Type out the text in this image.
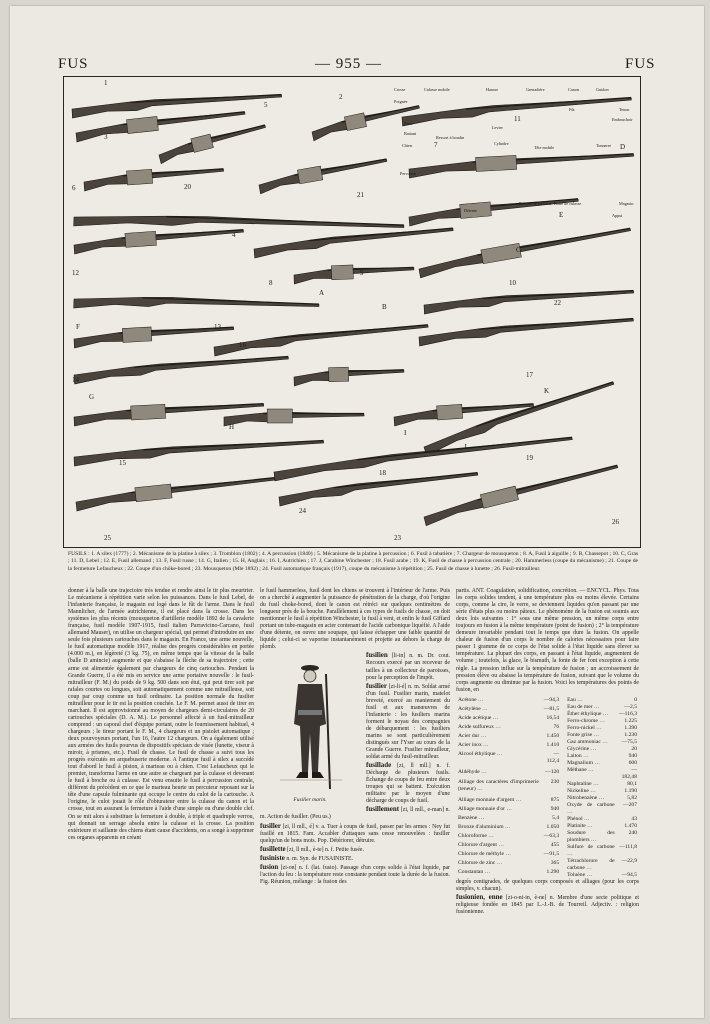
FUS	— 955 —	FUS
1
2
3
4
5
6
7
8
9
10
11
12
13
14
15
16
17
18
19
20
21
22
23
24
25
26
A
B
C
D
E
F
G
H
I
J
K
Crosse	Culasse mobile	Hausse	Grenadière	Canon	Guidon
Poignée
Fût	Tenon
Busc
Embouchoir
Battant
Ressort à boudin
Levier
Cylindre
Chien	Tête mobile	Tonnerre
Percuteur
Détente
Ressort de gâchette Boîte de culasse	Magasin
Appui
FUSILS : 1. A silex (1777) ; 2. Mécanisme de la platine à silex ; 3. Tromblon (1802) ; 4. A percussion (1840) ; 5. Mécanisme de la platine à percussion ; 6. Fusil à tabatière ; 7. Chargeur de mousqueton ; 8. A, Fusil à aiguille ; 9. B, Chassepot ; 10. C, Gras ; 11. D, Lebel ; 12. E, Fusil allemand ; 13. F, Fusil russe ; 14. G, Italien ; 15. H, Anglais ; 16. I, Autrichien ; 17. J, Carabine Winchester ; 18. Fusil arabe ; 19. K, Fusil de chasse à percussion centrale ; 20. Hammerless (coupe du mécanisme) ; 21. Coupe de la fermeture Lefaucheux ; 22. Coupe d'un chôke-bored ; 23. Mousqueton (Mle 1892) ; 24. Fusil automatique français (1917), coupe du mécanisme à répétition ; 25. Fusil de chasse à lunette ; 26. Fusil-mitrailleur.

donner à la balle une trajectoire très tendue et rendre ainsi le tir plus meurtrier. Le mécanisme à répétition varie selon les puissances. Dans le fusil Lebel, de l'infanterie française, le magasin est logé dans le fût de l'arme. Dans le fusil Mannlicher, de l'armée autrichienne, il est placé dans la crosse. Dans les systèmes les plus récents (mousqueton d'artillerie modèle 1892 de la cavalerie française, fusil modèle 1907-1915, fusil italien Parravicino-Carcano, fusil allemand Mauser), on utilise un chargeur spécial, qui permet d'introduire en une seule fois plusieurs cartouches dans le magasin. En France, une arme nouvelle, le fusil automatique modèle 1917, réalise des progrès considérables en portée (4.000 m.), en légèreté (3 kg. 75), en même temps que la vitesse de la balle (balle D amincie) augmente et que s'abaisse la flèche de sa trajectoire ; cette arme est alimentée également par chargeurs de cinq cartouches. Pendant la Grande Guerre, il a été mis en service une arme portative nouvelle : le fusil-mitrailleur (F. M.) du poids de 9 kg. 500 dans son étui, qui peut tirer soit par rafales courtes ou longues, soit automatiquement comme une mitrailleuse, soit coup par coup comme un fusil ordinaire. La position normale du fusilier mitrailleur pour le tir est la position couchée. Le F. M. permet aussi de tirer en marchant. Il est approvisionné au moyen de chargeurs demi-circulaires de 20 cartouches spéciales (D. A. M.). Le personnel affecté à un fusil-mitrailleur comprend : un caporal chef d'équipe portant, outre le fournissement habituel, 4 chargeurs ; le tireur portant le F. M., 4 chargeurs et un pistolet automatique ; deux pourvoyeurs portant, l'un 16, l'autre 12 chargeurs. On a également utilisé aux armées des fusils pourvus de dispositifs spéciaux de visée (lunette, viseur à miroir, à prismes, etc.). Fusil de chasse. Le fusil de chasse a suivi tous les progrès exécutés en arquebuserie moderne. A l'antique fusil à silex a succédé tout d'abord le fusil à piston, à marteau ou à chien. C'est Lefaucheux qui le premier, transforma l'arme en une autre se chargeant par la culasse et devenant le fusil à broche ou à culasse. Est venu ensuite le fusil à percussion centrale, différent du précédent en ce que le marteau heurte un percuteur reposant sur la tête d'une capsule fulminante qui occupe le centre du culot de la cartouche. A l'origine, le culot jouait le rôle d'obturateur entre la culasse du canon et la crosse, tout en assurant la fermeture à l'aide d'une simple ou d'une double clef. On se mit alors à substituer la fermeture à double, à triple et quadruple verrou, qui donnait un serrage absolu entre la culasse et la crosse. La position extérieure et saillante des chiens étant cause d'accidents, on a songé à supprimer ces organes apparents en créant

le fusil hammerless, fusil dont les chiens se trouvent à l'intérieur de l'arme. Puis on a cherché à augmenter la puissance de pénétration de la charge, d'où l'origine du fusil choke-bored, dont le canon est rétréci sur quelques centimètres de longueur près de la bouche. Parallèlement à ces types de fusils de chasse, on doit mentionner le fusil à répétition Winchester, le fusil à vent, et enfin le fusil Giffard portant un tube-magasin en acier contenant de l'acide carbonique liquéfié. A l'aide d'une détente, on ouvre une soupape, qui laisse échapper une faible quantité de liquide ; celui-ci se vaporise instantanément et projette au dehors la charge de plomb.

Fusilier marin.

fusilien [li-in] n. m. Dr. cout. Recours exercé par un receveur de tailles à un collecteur de paroisses, pour la perception de l'impôt.

fusilier [zi-li-é] n. m. Soldat armé d'un fusil. Fusilier marin, matelot breveté, exercé au maniement du fusil et aux manœuvres de l'infanterie : les fusiliers marins forment le noyau des compagnies de débarquement : les fusiliers marins se sont particulièrement distingués sur l'Yser au cours de la Grande Guerre. Fusilier mitrailleur, soldat armé du fusil-mitrailleur.

fusillade [zi, ll mll.] n. f. Décharge de plusieurs fusils. Échange de coups de feu entre deux troupes qui se battent. Exécution militaire par le moyen d'une décharge de coups de fusil.

fusillement [zi, ll mll., e-man] n. m. Action de fusiller. (Peu us.)

fusiller [zi, ll mll., é] v. a. Tuer à coups de fusil, passer par les armes : Ney fut fusillé en 1815. Fam. Accabler d'attaques sans cesse renouvelées : fusiller quelqu'un de bons mots. Pop. Détériorer, détruire.

fusillette [zi, ll mll., è-te] n. f. Petite fusée.

fusiniste n. m. Syn. de FUSAINISTE.

fusion [zi-on] n. f. (lat. fusio). Passage d'un corps solide à l'état liquide, par l'action du feu : la température reste constante pendant toute la durée de la fusion. Fig. Réunion, mélange : la fusion des

partis. ANT. Coagulation, solidification, concrétion. — ENCYCL. Phys. Tous les corps solides tendent, à une température plus ou moins élevée. Certains corps, comme la cire, le verre, se deviennent liquides qu'en passant par une série d'états plus ou moins pâteux. Le phénomène de la fusion est soumis aux deux lois suivantes : 1° sous une même pression, un même corps entre toujours en fusion à la même température (point de fusion) ; 2° la température demeure invariable pendant tout le temps que dure la fusion. On appelle chaleur de fusion d'un corps le nombre de calories nécessaires pour faire passer 1 gramme de ce corps de l'état solide à l'état liquide sans élever sa température. La plupart des corps, en passant à l'état liquide, augmentent de volume ; toutefois, la glace, le bismuth, la fonte de fer font exception à cette règle. La pression influe sur la température de fusion ; un accroissement de pression élève ou abaisse la température de fusion, suivant que le volume du corps augmente ou diminue par la fusion. Voici les températures des points de fusion, en

Acétone …	—94,3
Acétylène …	—81,5
Acide acétique …	16,54
Acide sulfureux …	76
Acier dur …	1.450
Acier inox …	1.410
Alcool éthylique …	—112,4
Aldéhyde …	—120
Alliage des caractères d'imprimerie (teneur) …	230
Alliage monnaie d'argent …	875
Alliage monnaie d'or …	940
Benzène …	5,4
Bronze d'aluminium …	1.050
Chloroforme …	—63,3
Chlorure d'argent …	455
Chlorure de méthyle …	—91,5
Chlorure de zinc …	365
Constantan …	1.290
Eau …	0
Eau de mer …	—2,5
Éther éthylique …	—116,3
Ferro-chrome …	1.225
Ferro-nickel …	1.390
Fonte grise …	1.230
Gaz ammoniac …	—75,5
Glycérine …	20
Laiton …	940
Magnalium …	600
Méthane …	—182,48
Naphtaline …	80,1
Nickeline …	1.190
Nitrobenzène …	5,82
Oxyde de carbone …	—207
Phénol …	43
Platinite …	1.470
Soudure des plombiers …	240
Sulfure de carbone …	—111,8
Tétrachlorure de carbone …	—22,9
Toluène …	—94,5

degrés centigrades, de quelques corps composés et alliages (pour les corps simples, v. chacun).

fusionien, enne [zi-o-ni-in, è-ne] n. Membre d'une secte politique et religieuse fondée en 1845 par L.-J.-B. de Tourreil. Adjectiv. : religion fusionienne.
